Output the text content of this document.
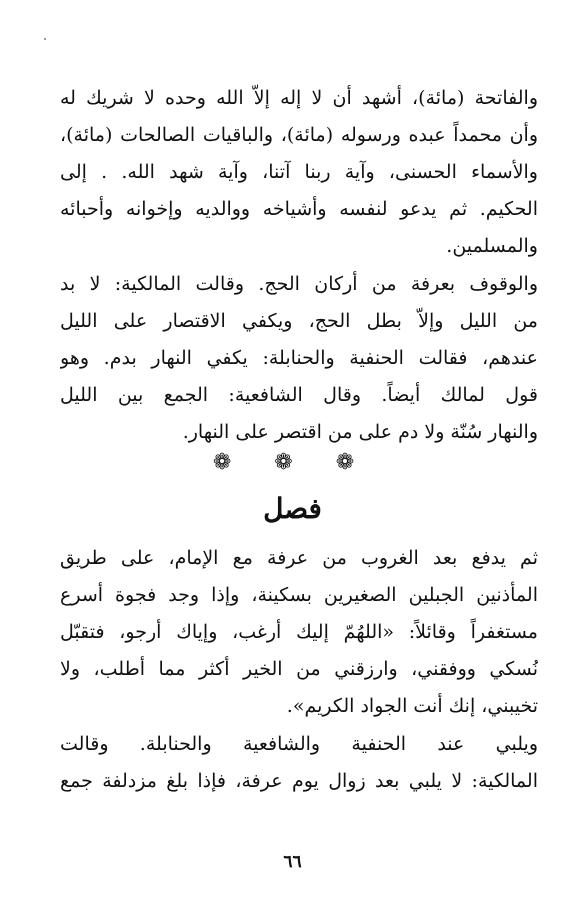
والفاتحة (مائة)، أشهد أن لا إله إلاّ الله وحده لا شريك له
وأن محمداً عبده ورسوله (مائة)، والباقيات الصالحات (مائة)،
والأسماء الحسنى، وآية ربنا آتنا، وآية شهد الله. . إلى
الحكيم. ثم يدعو لنفسه وأشياخه ووالديه وإخوانه وأحبائه
والمسلمين.
والوقوف بعرفة من أركان الحج. وقالت المالكية: لا بد
من الليل وإلاّ بطل الحج، ويكفي الاقتصار على الليل
عندهم، فقالت الحنفية والحنابلة: يكفي النهار بدم. وهو
قول لمالك أيضاً. وقال الشافعية: الجمع بين الليل
والنهار سُنّة ولا دم على من اقتصر على النهار.
❁ ❁ ❁
فصل
ثم يدفع بعد الغروب من عرفة مع الإمام، على طريق
المأذنين الجبلين الصغيرين بسكينة، وإذا وجد فجوة أسرع
مستغفراً وقائلاً: «اللهُمّ إليك أرغب، وإياك أرجو، فتقبّل
نُسكي ووفقني، وارزقني من الخير أكثر مما أطلب، ولا
تخيبني، إنك أنت الجواد الكريم».
ويلبي عند الحنفية والشافعية والحنابلة. وقالت
المالكية: لا يلبي بعد زوال يوم عرفة، فإذا بلغ مزدلفة جمع
٦٦
